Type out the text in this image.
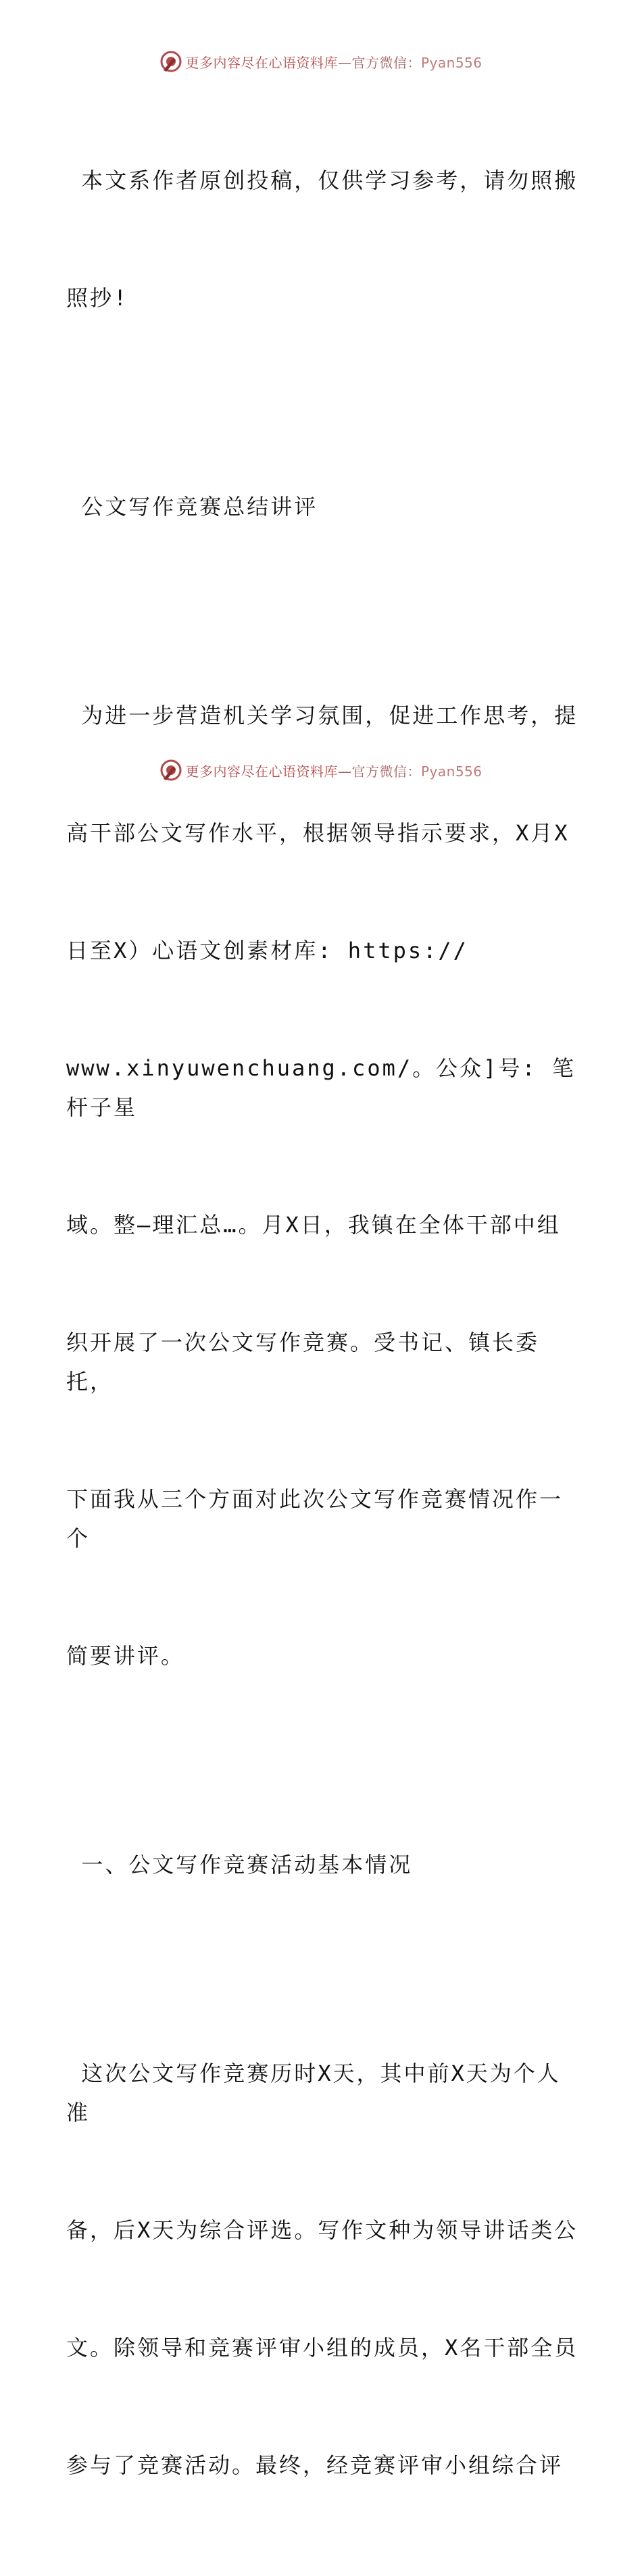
更多内容尽在心语资料库—官方微信：Pyan556

本文系作者原创投稿，仅供学习参考，请勿照搬

照抄!

公文写作竞赛总结讲评

为进一步营造机关学习氛围，促进工作思考，提

高干部公文写作水平，根据领导指示要求，X月X

日至X）心语文创素材库: https://

www.xinyuwenchuang.com/。公众]号: 笔杆子星

域。整—理汇总…。月X日，我镇在全体干部中组

织开展了一次公文写作竞赛。受书记、镇长委托，

下面我从三个方面对此次公文写作竞赛情况作一个

简要讲评。

一、公文写作竞赛活动基本情况

这次公文写作竞赛历时X天，其中前X天为个人准

备，后X天为综合评选。写作文种为领导讲话类公

文。除领导和竞赛评审小组的成员，X名干部全员

参与了竞赛活动。最终，经竞赛评审小组综合评

更多内容尽在心语资料库—官方微信：Pyan556
